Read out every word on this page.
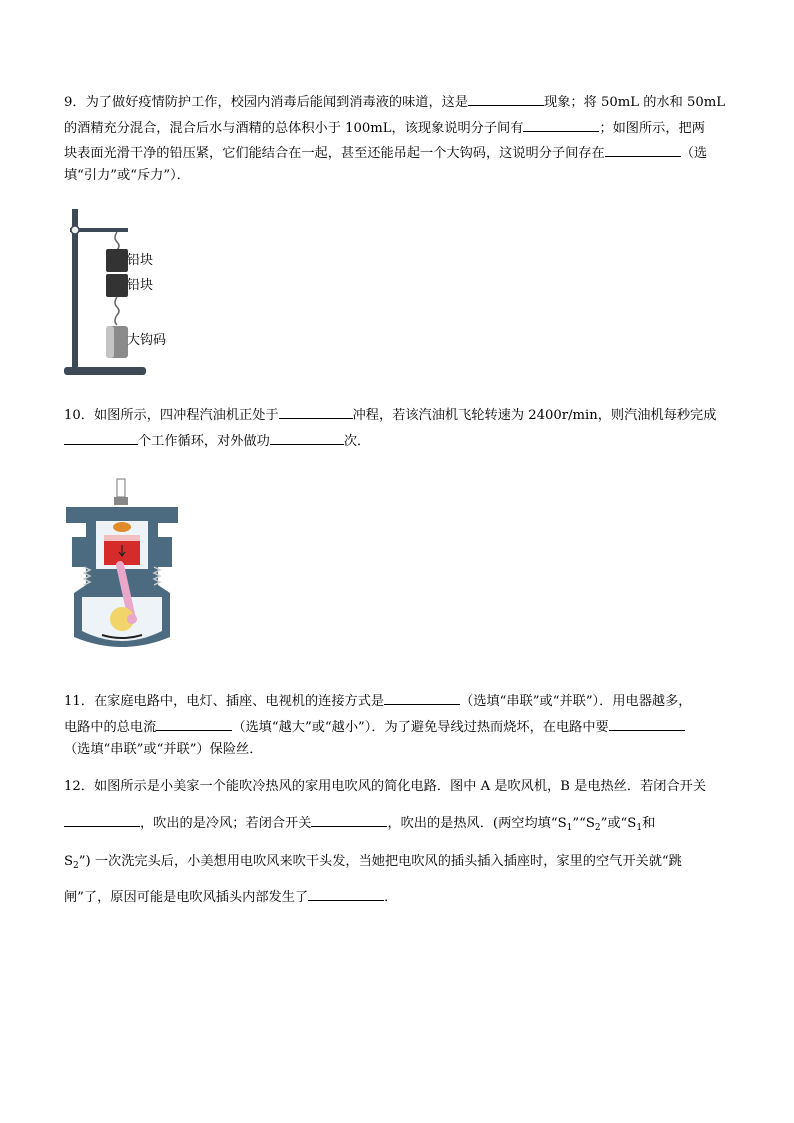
9．为了做好疫情防护工作，校园内消毒后能闻到消毒液的味道，这是	现象；将 50mL 的水和 50mL
的酒精充分混合，混合后水与酒精的总体积小于 100mL，该现象说明分子间有	；如图所示，把两
块表面光滑干净的铅压紧，它们能结合在一起，甚至还能吊起一个大钩码，这说明分子间存在	（选
填“引力”或“斥力”）．
铅块
铅块
大钩码
10．如图所示，四冲程汽油机正处于	冲程，若该汽油机飞轮转速为 2400r/min，则汽油机每秒完成
个工作循环，对外做功	次．
11．在家庭电路中，电灯、插座、电视机的连接方式是	（选填“串联”或“并联”）．用电器越多，
电路中的总电流	（选填“越大”或“越小”）．为了避免导线过热而烧坏，在电路中要
（选填“串联”或“并联”）保险丝．
12．如图所示是小美家一个能吹冷热风的家用电吹风的简化电路．图中 A 是吹风机，B 是电热丝．若闭合开关
，吹出的是冷风；若闭合开关	，吹出的是热风．(两空均填“$S_1”“S_2$”或“$S_1$和
$S_2$”) 一次洗完头后，小美想用电吹风来吹干头发，当她把电吹风的插头插入插座时，家里的空气开关就“跳
闸”了，原因可能是电吹风插头内部发生了	．
